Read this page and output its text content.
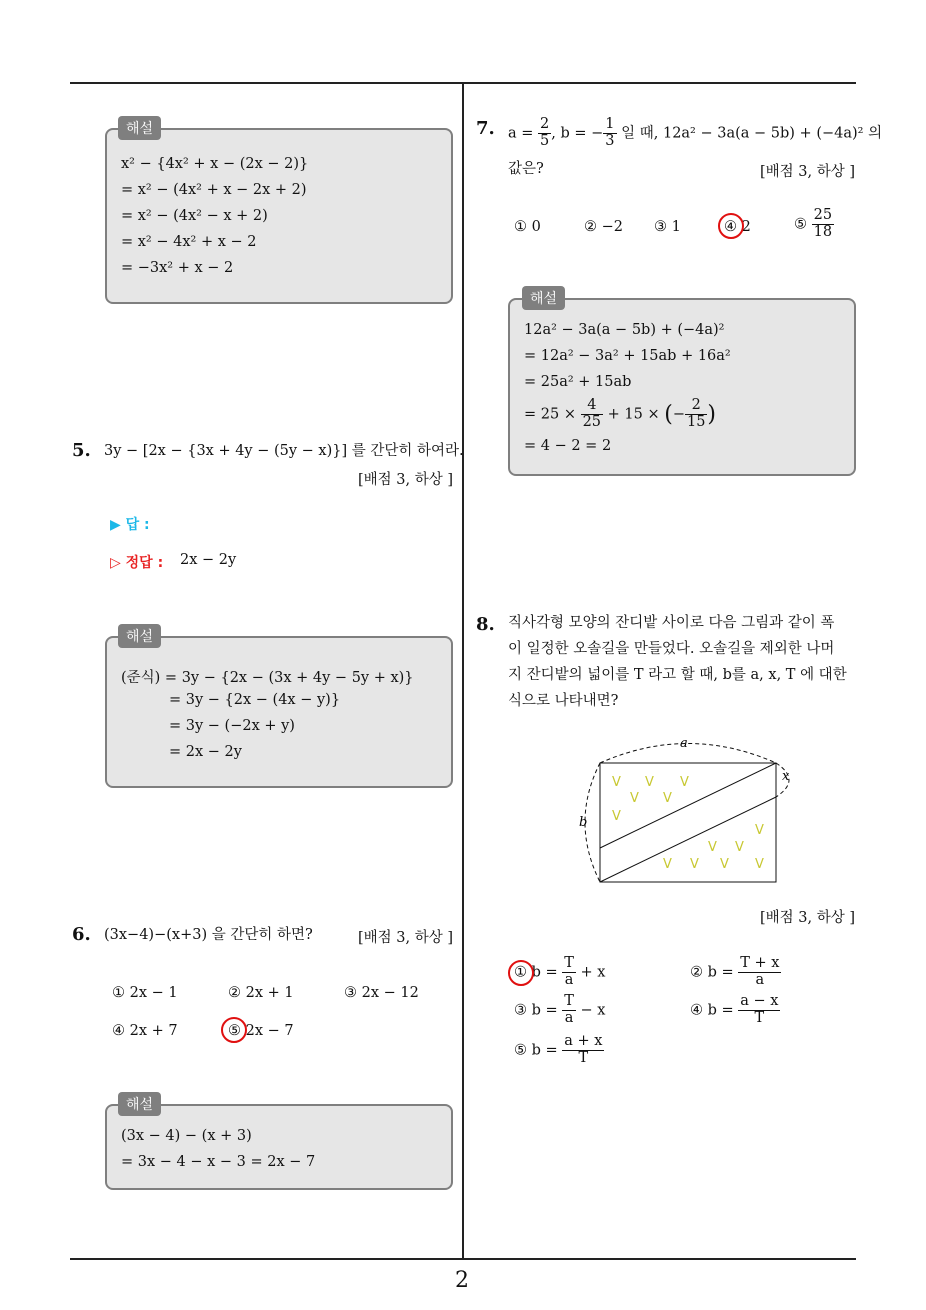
2
x² − {4x² + x − (2x − 2)}
= x² − (4x² + x − 2x + 2)
= x² − (4x² − x + 2)
= x² − 4x² + x − 2
= −3x² + x − 2
해설
5. 3y − [2x − {3x + 4y − (5y − x)}] 를 간단히 하여라.
[배점 3, 하상 ]
▶ 답 :
▷ 정답 : 2x − 2y
(준식) = 3y − {2x − (3x + 4y − 5y + x)}
= 3y − {2x − (4x − y)}
= 3y − (−2x + y)
= 2x − 2y
해설
6. (3x−4)−(x+3) 을 간단히 하면?	[배점 3, 하상 ]
① 2x − 1	② 2x + 1	③ 2x − 12
④ 2x + 7	⑤ 2x − 7
(3x − 4) − (x + 3)
= 3x − 4 − x − 3 = 2x − 7
해설
7. $a = \frac{2}{5}$ , b = − $\frac{1}{3}$ 일 때, 12a² − 3a(a − 5b) + (−4a)² 의
값은?	[배점 3, 하상 ]
① 0	② −2 ③ 1	④ 2	⑤ $\frac{25}{18}$
12a² − 3a(a − 5b) + (−4a)²
= 12a² − 3a² + 15ab + 16a²
= 25a² + 15ab
= $25 \times \frac{4}{25} + 15$ × (− $\frac{2}{15}$ )
= 4 − 2 = 2
해설
8. 직사각형 모양의 잔디밭 사이로 다음 그림과 같이 폭
이 일정한 오솔길을 만들었다. 오솔길을 제외한 나머
지 잔디밭의 넓이를 T 라고 할 때, b를 a, x, T 에 대한
식으로 나타내면?
V V V
V V
V
V
V V
V V V V
a
b
x
[배점 3, 하상 ]
① $b = \frac{T}{a} + x$	② $b = \frac{T + x}{a}$
③ $b = \frac{T}{a} - x$	④ $b = \frac{a - x}{T}$
⑤ $b = \frac{a + x}{T}$
